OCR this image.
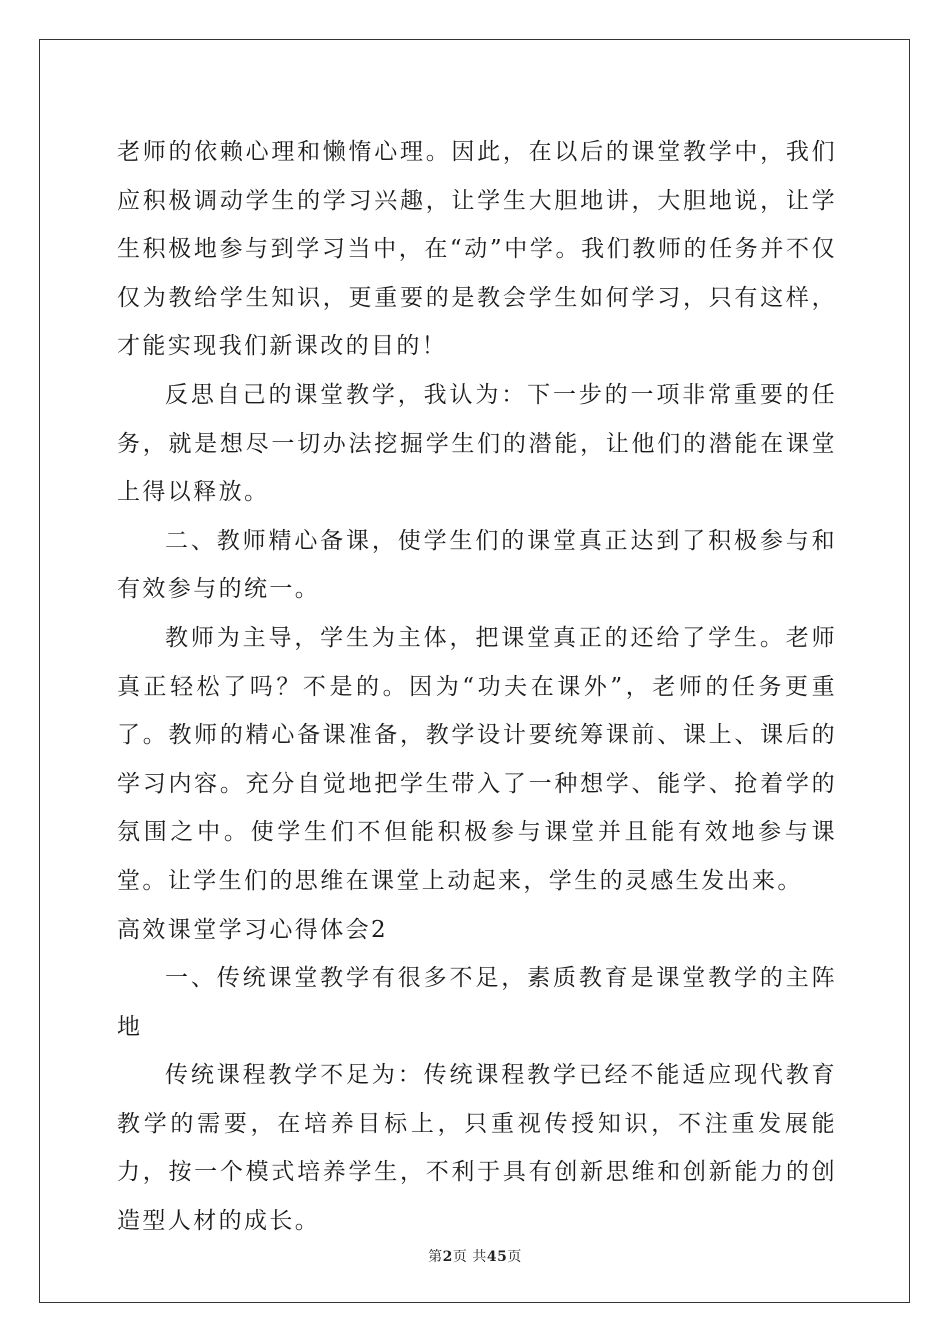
老师的依赖心理和懒惰心理。因此，在以后的课堂教学中，我们应积极调动学生的学习兴趣，让学生大胆地讲，大胆地说，让学生积极地参与到学习当中，在“动”中学。我们教师的任务并不仅仅为教给学生知识，更重要的是教会学生如何学习，只有这样，才能实现我们新课改的目的！

反思自己的课堂教学，我认为：下一步的一项非常重要的任务，就是想尽一切办法挖掘学生们的潜能，让他们的潜能在课堂上得以释放。

二、教师精心备课，使学生们的课堂真正达到了积极参与和有效参与的统一。

教师为主导，学生为主体，把课堂真正的还给了学生。老师真正轻松了吗？不是的。因为“功夫在课外”，老师的任务更重了。教师的精心备课准备，教学设计要统筹课前、课上、课后的学习内容。充分自觉地把学生带入了一种想学、能学、抢着学的氛围之中。使学生们不但能积极参与课堂并且能有效地参与课堂。让学生们的思维在课堂上动起来，学生的灵感生发出来。

高效课堂学习心得体会2

一、传统课堂教学有很多不足，素质教育是课堂教学的主阵地

传统课程教学不足为：传统课程教学已经不能适应现代教育教学的需要，在培养目标上，只重视传授知识，不注重发展能力，按一个模式培养学生，不利于具有创新思维和创新能力的创造型人材的成长。

第2页 共45页
